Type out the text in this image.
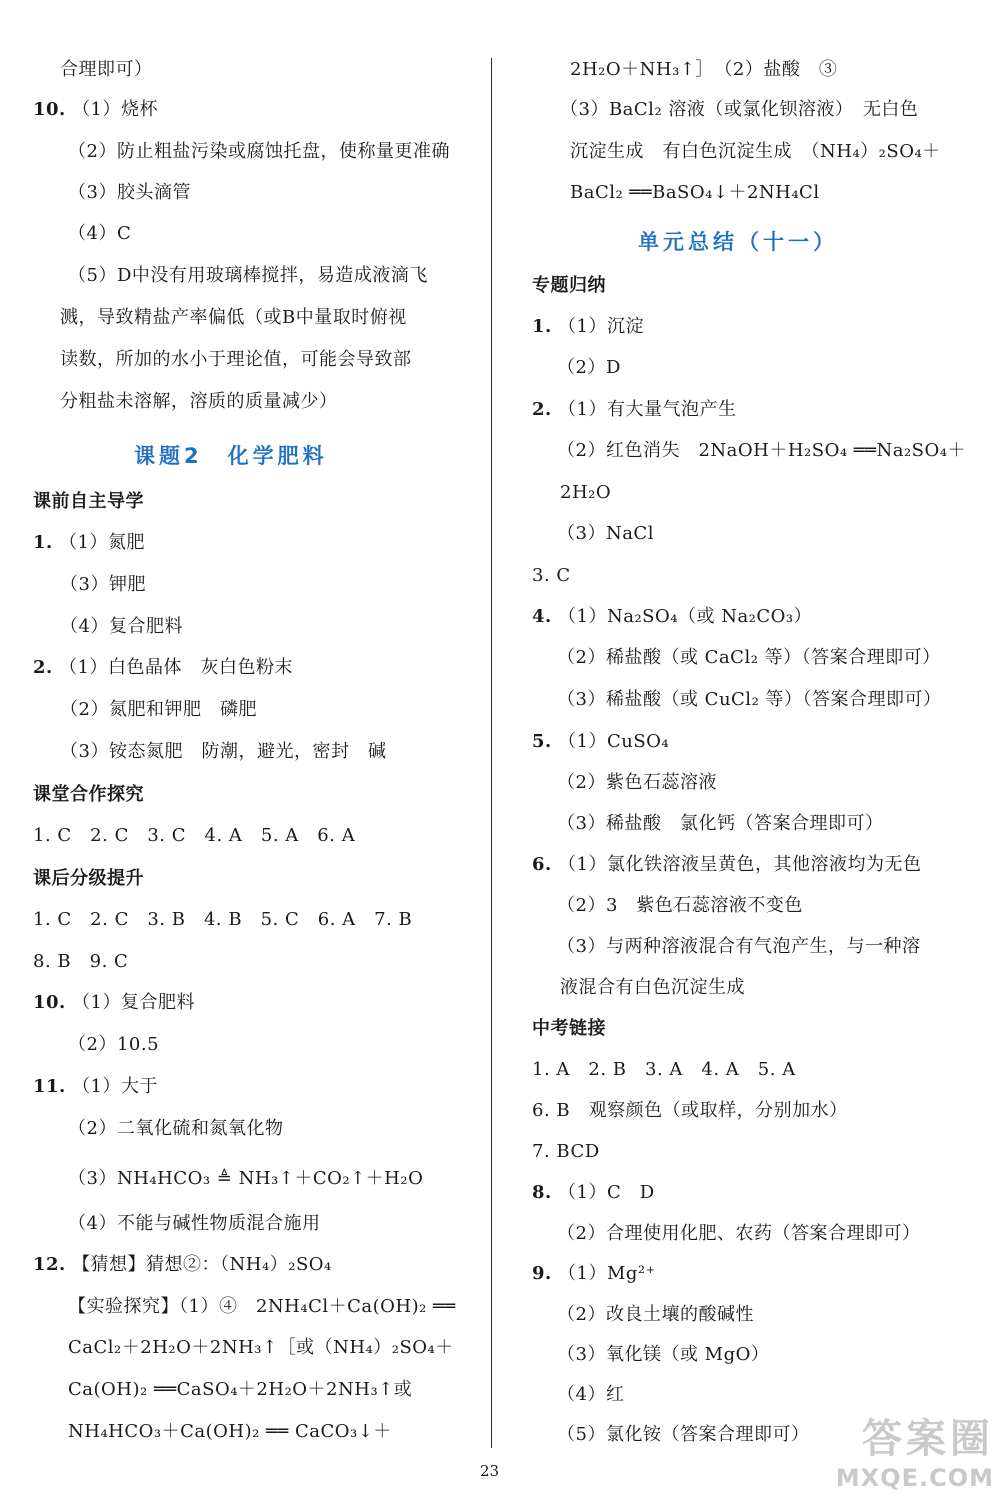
合理即可）
10. （1）烧杯
（2）防止粗盐污染或腐蚀托盘，使称量更准确
（3）胶头滴管
（4）C
（5）D中没有用玻璃棒搅拌，易造成液滴飞
溅，导致精盐产率偏低（或B中量取时俯视
读数，所加的水小于理论值，可能会导致部
分粗盐未溶解，溶质的质量减少）
课前自主导学
1. （1）氮肥
（3）钾肥
（4）复合肥料
2. （1）白色晶体　灰白色粉末
（2）氮肥和钾肥　磷肥
（3）铵态氮肥　防潮，避光，密封　碱
课堂合作探究
1. C　2. C　3. C　4. A　5. A　6. A
课后分级提升
1. C　2. C　3. B　4. B　5. C　6. A　7. B
8. B　9. C
10. （1）复合肥料
（2）10.5
11. （1）大于
（2）二氧化硫和氮氧化物
（3）NH₄HCO₃ ≜ NH₃↑＋CO₂↑＋H₂O
（4）不能与碱性物质混合施用
12. 【猜想】猜想②：（NH₄）₂SO₄
【实验探究】（1）④　2NH₄Cl＋Ca(OH)₂ ══
CaCl₂＋2H₂O＋2NH₃↑［或（NH₄）₂SO₄＋
Ca(OH)₂ ══CaSO₄＋2H₂O＋2NH₃↑或
NH₄HCO₃＋Ca(OH)₂ ══ CaCO₃↓＋
课题2　化学肥料
2H₂O＋NH₃↑］　（2）盐酸　③
（3）BaCl₂ 溶液（或氯化钡溶液）　无白色
沉淀生成　有白色沉淀生成　（NH₄）₂SO₄＋
BaCl₂ ══BaSO₄↓＋2NH₄Cl
专题归纳
1. （1）沉淀
（2）D
2. （1）有大量气泡产生
（2）红色消失　2NaOH＋H₂SO₄ ══Na₂SO₄＋
2H₂O
（3）NaCl
3. C
4. （1）Na₂SO₄（或 Na₂CO₃）
（2）稀盐酸（或 CaCl₂ 等）（答案合理即可）
（3）稀盐酸（或 CuCl₂ 等）（答案合理即可）
5. （1）CuSO₄
（2）紫色石蕊溶液
（3）稀盐酸　氯化钙（答案合理即可）
6. （1）氯化铁溶液呈黄色，其他溶液均为无色
（2）3　紫色石蕊溶液不变色
（3）与两种溶液混合有气泡产生，与一种溶
液混合有白色沉淀生成
中考链接
1. A　2. B　3. A　4. A　5. A
6. B　观察颜色（或取样，分别加水）
7. BCD
8. （1）C　D
（2）合理使用化肥、农药（答案合理即可）
9. （1）Mg²⁺
（2）改良土壤的酸碱性
（3）氧化镁（或 MgO）
（4）红
（5）氯化铵（答案合理即可）
单元总结（十一）
23
答案圈
MXQE.COM
